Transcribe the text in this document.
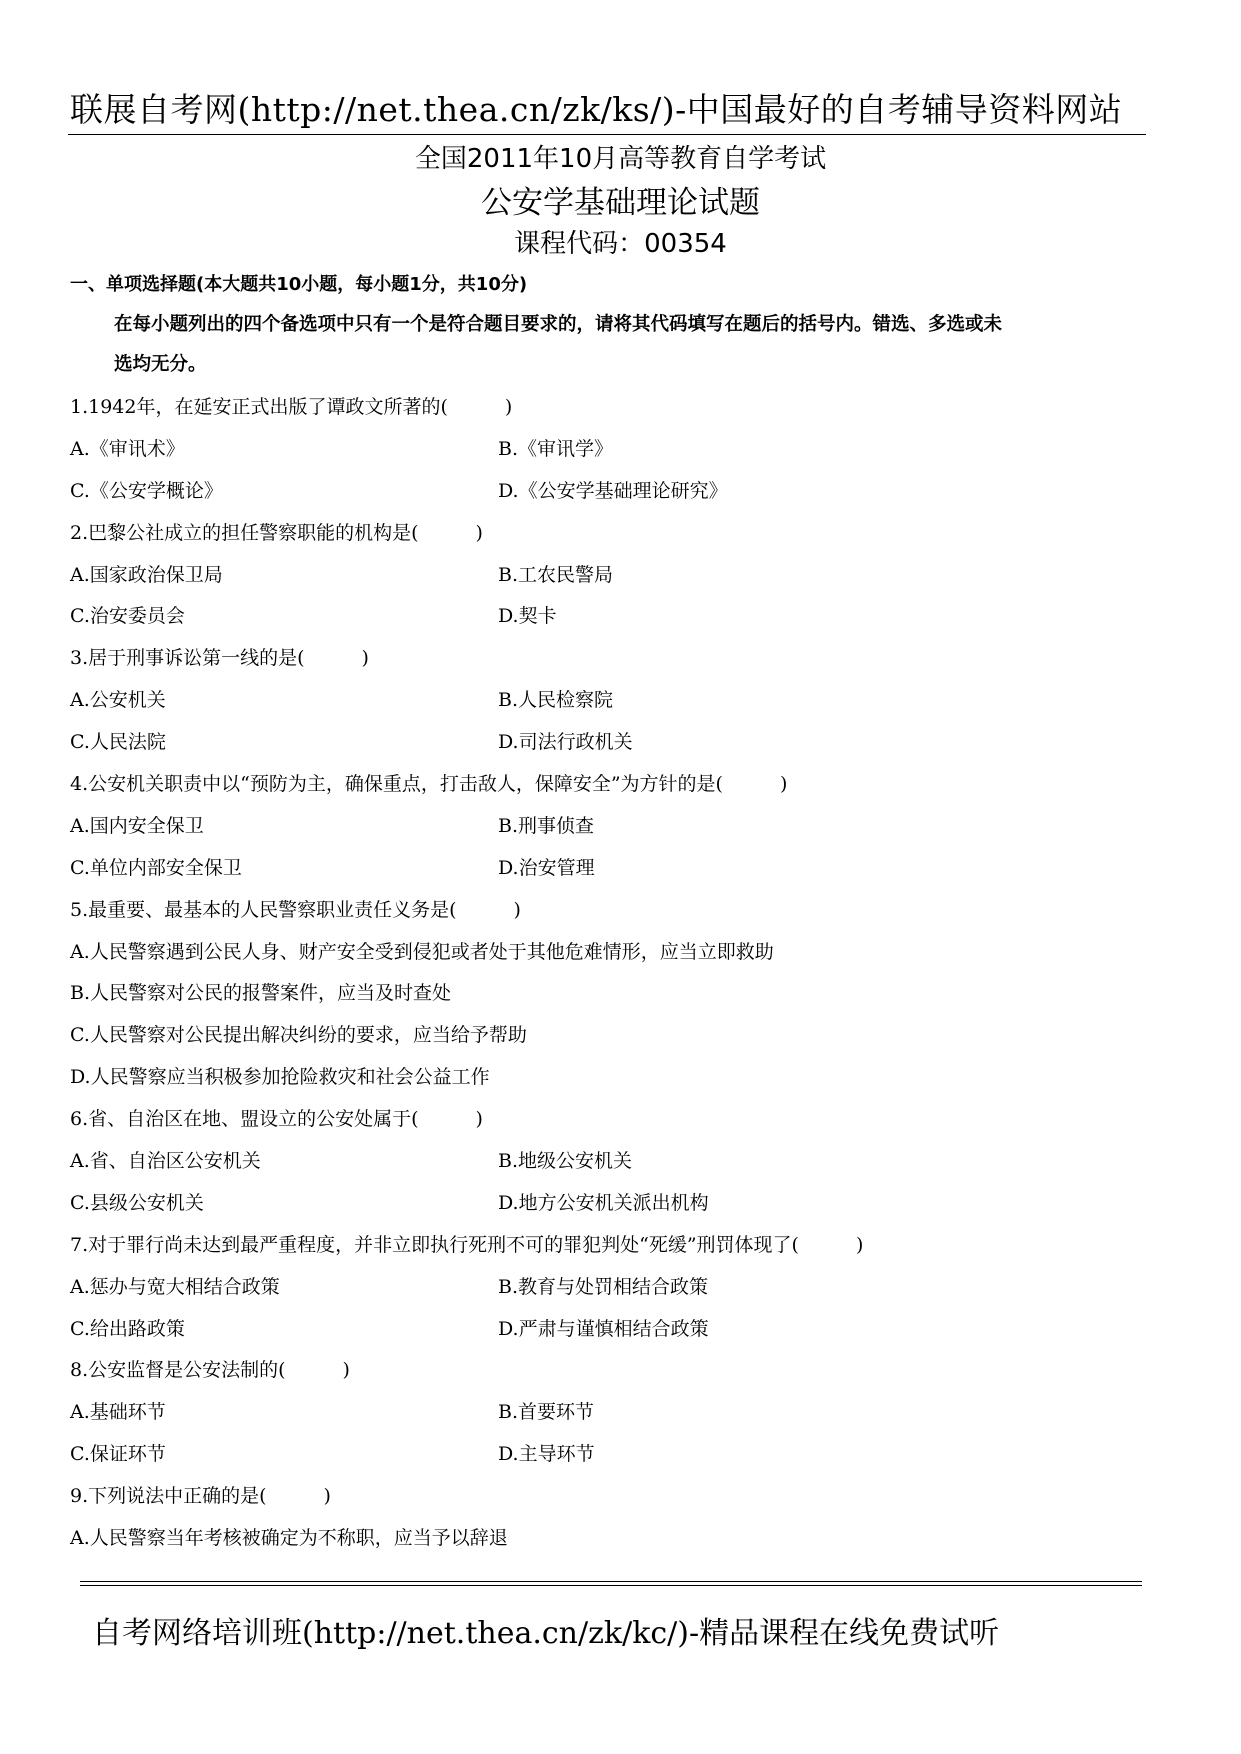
联展自考网(http://net.thea.cn/zk/ks/)-中国最好的自考辅导资料网站
全国2011年10月高等教育自学考试
公安学基础理论试题
课程代码：00354
一、单项选择题(本大题共10小题，每小题1分，共10分)
在每小题列出的四个备选项中只有一个是符合题目要求的，请将其代码填写在题后的括号内。错选、多选或未
选均无分。
1.1942年，在延安正式出版了谭政文所著的(　　　)
A.《审讯术》	B.《审讯学》
C.《公安学概论》	D.《公安学基础理论研究》
2.巴黎公社成立的担任警察职能的机构是(　　　)
A.国家政治保卫局	B.工农民警局
C.治安委员会	D.契卡
3.居于刑事诉讼第一线的是(　　　)
A.公安机关	B.人民检察院
C.人民法院	D.司法行政机关
4.公安机关职责中以“预防为主，确保重点，打击敌人，保障安全”为方针的是(　　　)
A.国内安全保卫	B.刑事侦查
C.单位内部安全保卫	D.治安管理
5.最重要、最基本的人民警察职业责任义务是(　　　)
A.人民警察遇到公民人身、财产安全受到侵犯或者处于其他危难情形，应当立即救助
B.人民警察对公民的报警案件，应当及时查处
C.人民警察对公民提出解决纠纷的要求，应当给予帮助
D.人民警察应当积极参加抢险救灾和社会公益工作
6.省、自治区在地、盟设立的公安处属于(　　　)
A.省、自治区公安机关	B.地级公安机关
C.县级公安机关	D.地方公安机关派出机构
7.对于罪行尚未达到最严重程度，并非立即执行死刑不可的罪犯判处“死缓”刑罚体现了(　　　)
A.惩办与宽大相结合政策	B.教育与处罚相结合政策
C.给出路政策	D.严肃与谨慎相结合政策
8.公安监督是公安法制的(　　　)
A.基础环节	B.首要环节
C.保证环节	D.主导环节
9.下列说法中正确的是(　　　)
A.人民警察当年考核被确定为不称职，应当予以辞退
自考网络培训班(http://net.thea.cn/zk/kc/)-精品课程在线免费试听
